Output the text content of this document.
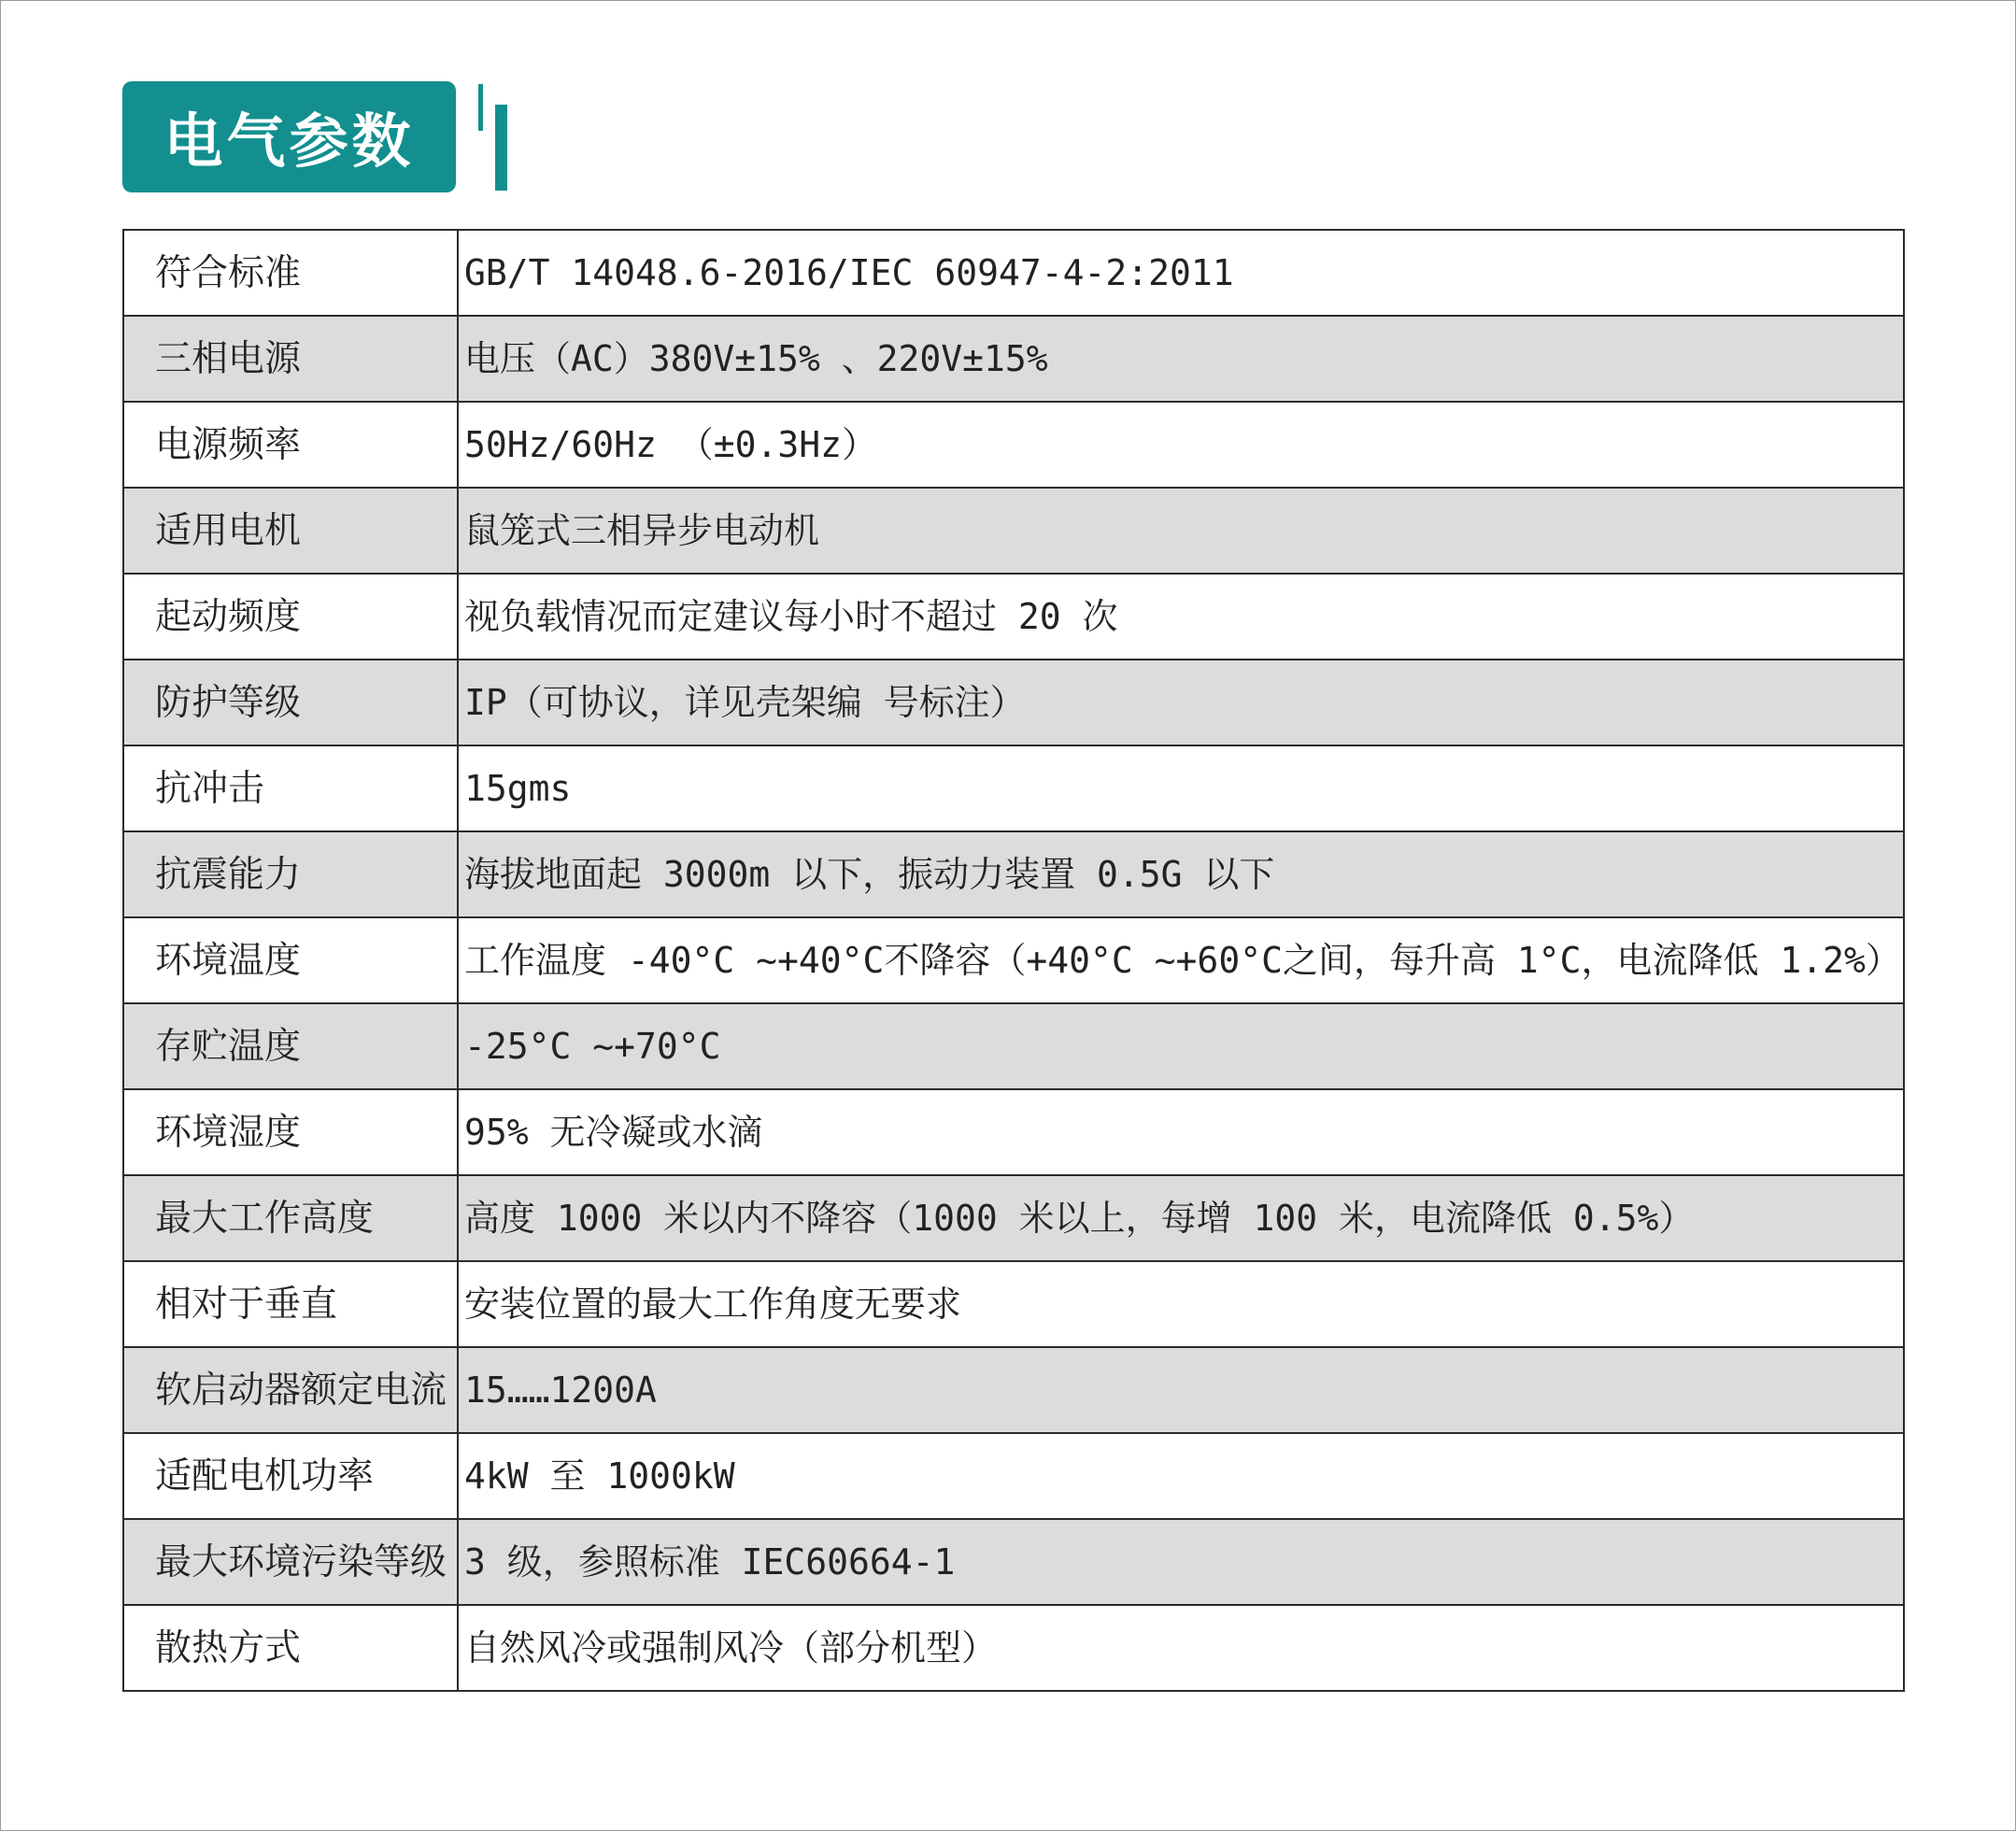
电气参数
符合标准	GB/T 14048.6-2016/IEC 60947-4-2:2011
三相电源	电压（AC）380V±15% 、220V±15%
电源频率	50Hz/60Hz （±0.3Hz）
适用电机	鼠笼式三相异步电动机
起动频度	视负载情况而定建议每小时不超过 20 次
防护等级	IP（可协议，详见壳架编 号标注）
抗冲击	15gms
抗震能力	海拔地面起 3000m 以下，振动力装置 0.5G 以下
环境温度	工作温度 -40°C ~+40°C不降容（+40°C ~+60°C之间，每升高 1°C，电流降低 1.2%）
存贮温度	-25°C ~+70°C
环境湿度	95% 无冷凝或水滴
最大工作高度	高度 1000 米以内不降容（1000 米以上，每增 100 米，电流降低 0.5%）
相对于垂直	安装位置的最大工作角度无要求
软启动器额定电流	15……1200A
适配电机功率	4kW 至 1000kW
最大环境污染等级	3 级，参照标准 IEC60664-1
散热方式	自然风冷或强制风冷（部分机型）
